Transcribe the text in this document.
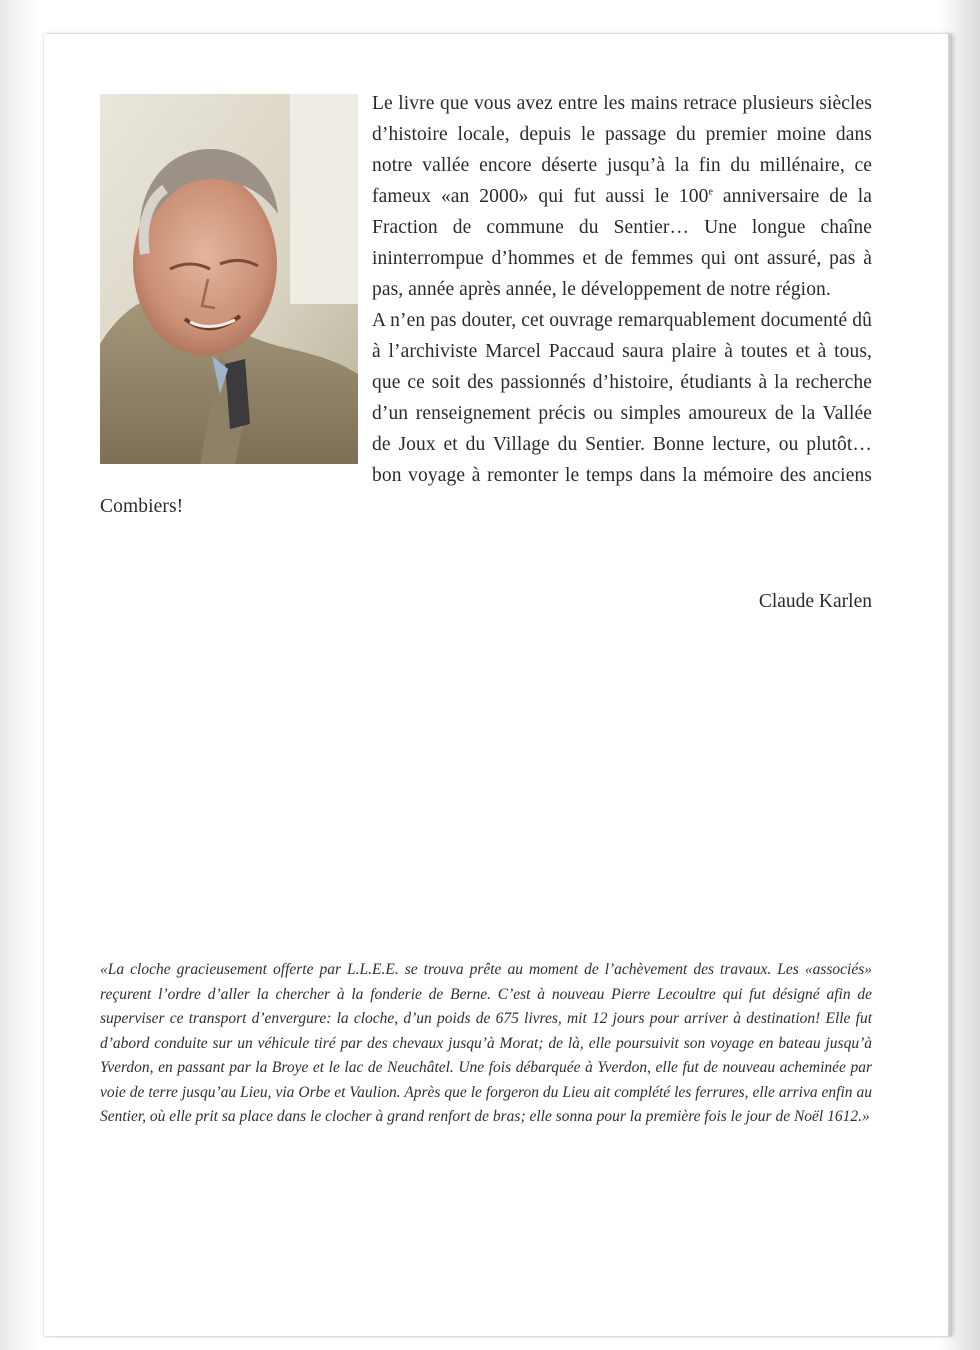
Le livre que vous avez entre les mains retrace plusieurs siècles d’histoire locale, depuis le passage du premier moine dans notre vallée encore déserte jusqu’à la fin du millénaire, ce fameux «an 2000» qui fut aussi le 100e anniversaire de la Fraction de commune du Sentier… Une longue chaîne ininterrompue d’hommes et de femmes qui ont assuré, pas à pas, année après année, le développement de notre région.

A n’en pas douter, cet ouvrage remarquablement documenté dû à l’archiviste Marcel Paccaud saura plaire à toutes et à tous, que ce soit des passionnés d’histoire, étudiants à la recherche d’un renseignement précis ou simples amoureux de la Vallée de Joux et du Village du Sentier. Bonne lecture, ou plutôt… bon voyage à remonter le temps dans la mémoire des anciens Combiers!

Claude Karlen
«La cloche gracieusement offerte par L.L.E.E. se trouva prête au moment de l’achèvement des travaux. Les «associés» reçurent l’ordre d’aller la chercher à la fonderie de Berne. C’est à nouveau Pierre Lecoultre qui fut désigné afin de superviser ce transport d’envergure: la cloche, d’un poids de 675 livres, mit 12 jours pour arriver à destination! Elle fut d’abord conduite sur un véhicule tiré par des chevaux jusqu’à Morat; de là, elle poursuivit son voyage en bateau jusqu’à Yverdon, en passant par la Broye et le lac de Neuchâtel. Une fois débarquée à Yverdon, elle fut de nouveau acheminée par voie de terre jusqu’au Lieu, via Orbe et Vaulion. Après que le forgeron du Lieu ait complété les ferrures, elle arriva enfin au Sentier, où elle prit sa place dans le clocher à grand renfort de bras; elle sonna pour la première fois le jour de Noël 1612.»
